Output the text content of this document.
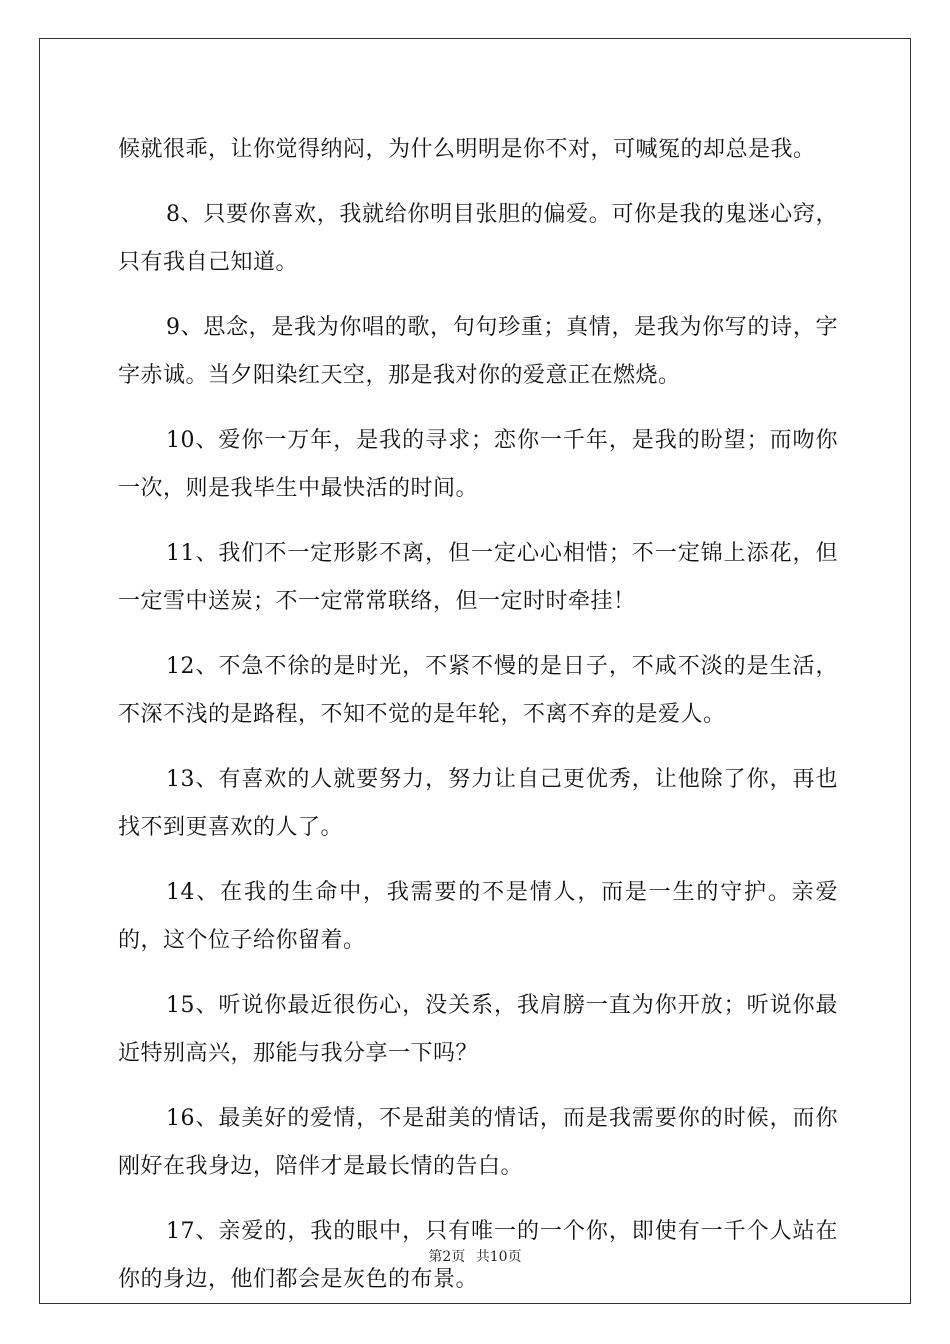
候就很乖，让你觉得纳闷，为什么明明是你不对，可喊冤的却总是我。

8、只要你喜欢，我就给你明目张胆的偏爱。可你是我的鬼迷心窍，只有我自己知道。

9、思念，是我为你唱的歌，句句珍重；真情，是我为你写的诗，字字赤诚。当夕阳染红天空，那是我对你的爱意正在燃烧。

10、爱你一万年，是我的寻求；恋你一千年，是我的盼望；而吻你一次，则是我毕生中最快活的时间。

11、我们不一定形影不离，但一定心心相惜；不一定锦上添花，但一定雪中送炭；不一定常常联络，但一定时时牵挂！

12、不急不徐的是时光，不紧不慢的是日子，不咸不淡的是生活，不深不浅的是路程，不知不觉的是年轮，不离不弃的是爱人。

13、有喜欢的人就要努力，努力让自己更优秀，让他除了你，再也找不到更喜欢的人了。

14、在我的生命中，我需要的不是情人，而是一生的守护。亲爱的，这个位子给你留着。

15、听说你最近很伤心，没关系，我肩膀一直为你开放；听说你最近特别高兴，那能与我分享一下吗？

16、最美好的爱情，不是甜美的情话，而是我需要你的时候，而你刚好在我身边，陪伴才是最长情的告白。

17、亲爱的，我的眼中，只有唯一的一个你，即使有一千个人站在你的身边，他们都会是灰色的布景。

第2页 共10页
